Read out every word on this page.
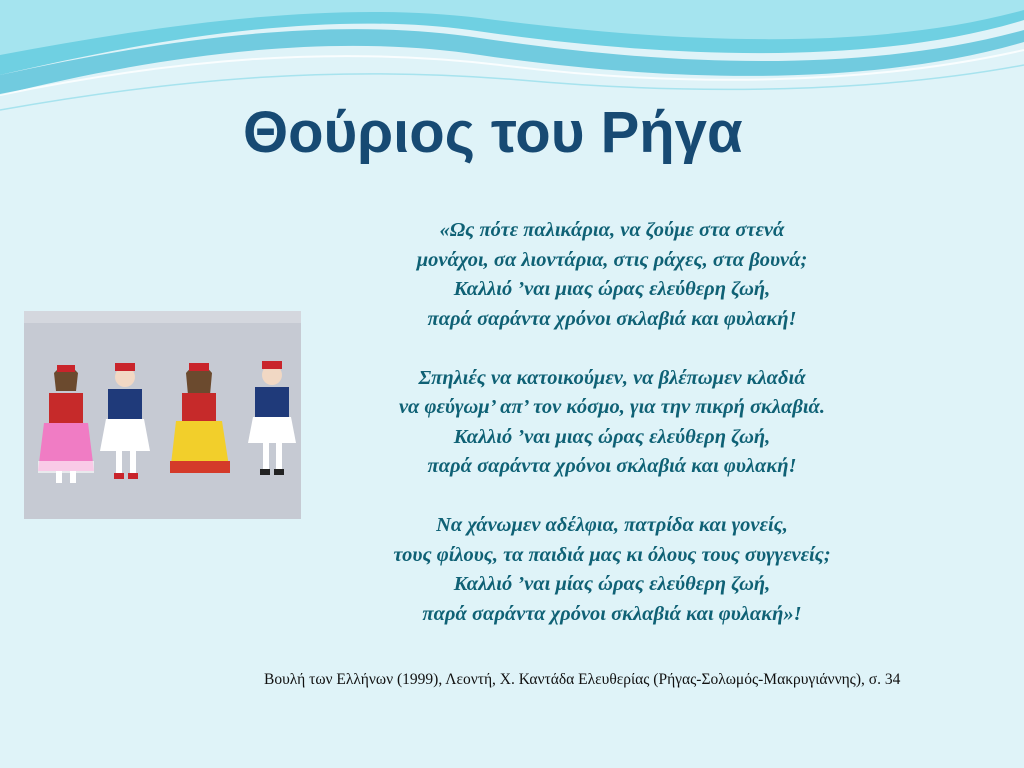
Θούριος του Ρήγα
«Ως πότε παλικάρια, να ζούμε στα στενά
μονάχοι, σα λιοντάρια, στις ράχες, στα βουνά;
Καλλιό ’ναι μιας ώρας ελεύθερη ζωή,
παρά σαράντα χρόνοι σκλαβιά και φυλακή!
Σπηλιές να κατοικούμεν, να βλέπωμεν κλαδιά
να φεύγωμ’ απ’ τον κόσμο, για την πικρή σκλαβιά.
Καλλιό ’ναι μιας ώρας ελεύθερη ζωή,
παρά σαράντα χρόνοι σκλαβιά και φυλακή!
Να χάνωμεν αδέλφια, πατρίδα και γονείς,
τους φίλους, τα παιδιά μας κι όλους τους συγγενείς;
Καλλιό ’ναι μίας ώρας ελεύθερη ζωή,
παρά σαράντα χρόνοι σκλαβιά και φυλακή»!
Βουλή των Ελλήνων (1999), Λεοντή, Χ. Καντάδα Ελευθερίας (Ρήγας-Σολωμός-Μακρυγιάννης), σ. 34
